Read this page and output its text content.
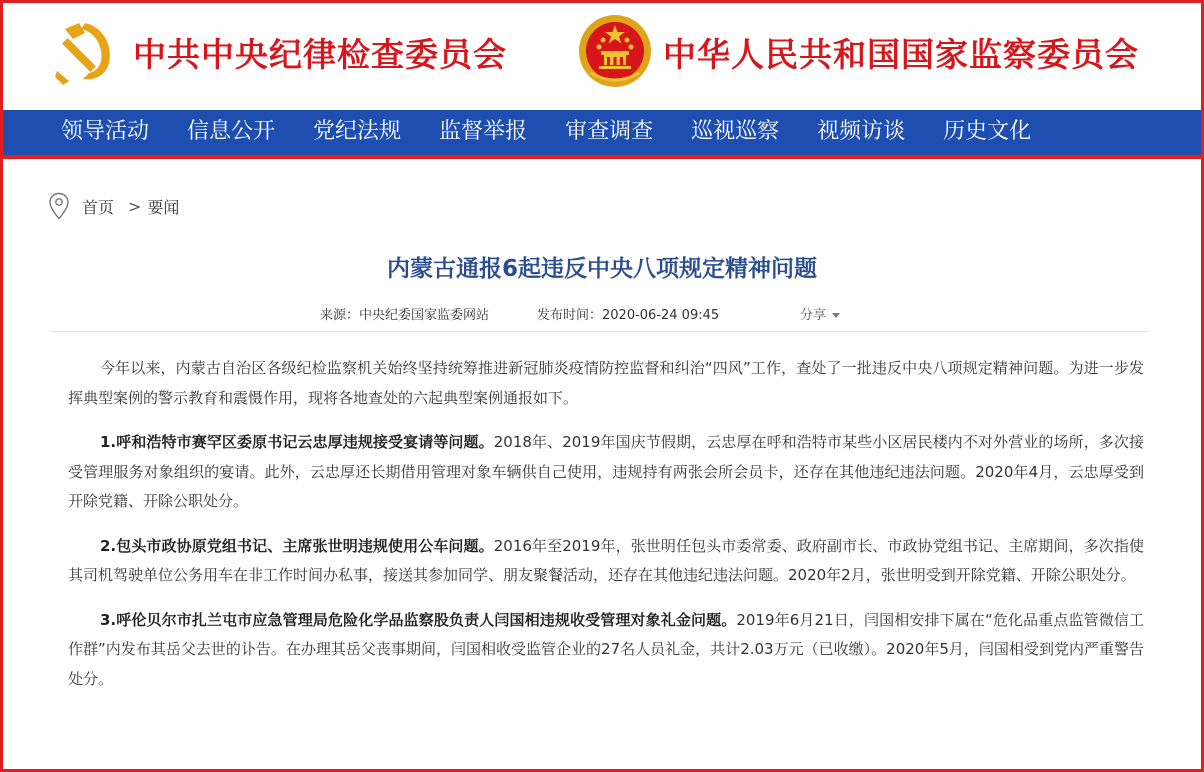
中共中央纪律检查委员会	中华人民共和国国家监察委员会
领导活动 信息公开 党纪法规 监督举报 审查调查 巡视巡察 视频访谈 历史文化
首页 > 要闻
内蒙古通报6起违反中央八项规定精神问题
来源：中央纪委国家监委网站	发布时间：2020-06-24 09:45	分享

今年以来，内蒙古自治区各级纪检监察机关始终坚持统筹推进新冠肺炎疫情防控监督和纠治“四风”工作，查处了一批违反中央八项规定精神问题。为进一步发挥典型案例的警示教育和震慑作用，现将各地查处的六起典型案例通报如下。

1.呼和浩特市赛罕区委原书记云忠厚违规接受宴请等问题。2018年、2019年国庆节假期，云忠厚在呼和浩特市某些小区居民楼内不对外营业的场所，多次接受管理服务对象组织的宴请。此外，云忠厚还长期借用管理对象车辆供自己使用，违规持有两张会所会员卡，还存在其他违纪违法问题。2020年4月，云忠厚受到开除党籍、开除公职处分。

2.包头市政协原党组书记、主席张世明违规使用公车问题。2016年至2019年，张世明任包头市委常委、政府副市长、市政协党组书记、主席期间，多次指使其司机驾驶单位公务用车在非工作时间办私事，接送其参加同学、朋友聚餐活动，还存在其他违纪违法问题。2020年2月，张世明受到开除党籍、开除公职处分。

3.呼伦贝尔市扎兰屯市应急管理局危险化学品监察股负责人闫国相违规收受管理对象礼金问题。2019年6月21日，闫国相安排下属在“危化品重点监管微信工作群”内发布其岳父去世的讣告。在办理其岳父丧事期间，闫国相收受监管企业的27名人员礼金，共计2.03万元（已收缴）。2020年5月，闫国相受到党内严重警告处分。
